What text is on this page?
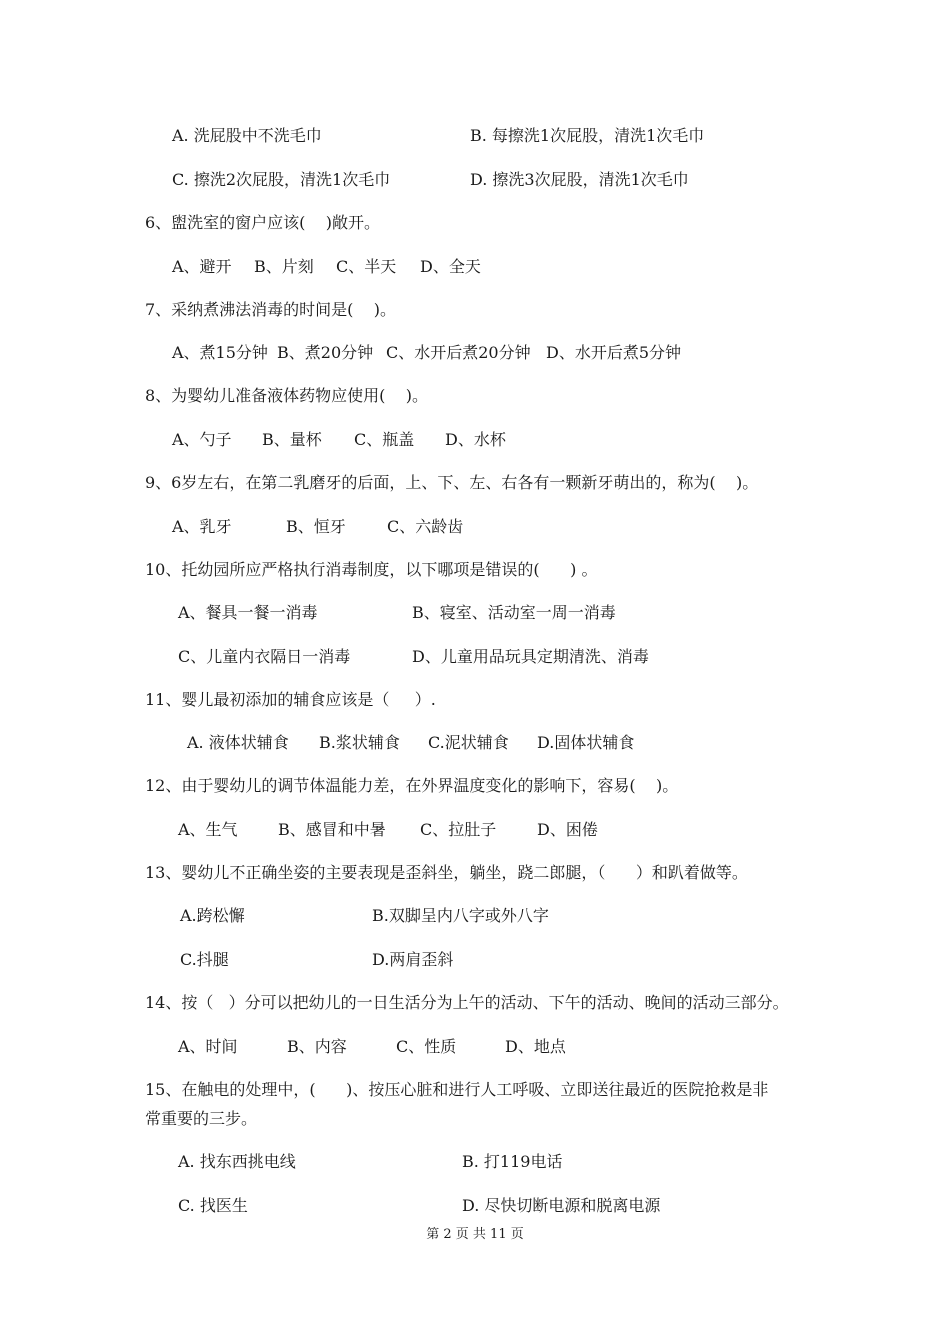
A. 洗屁股中不洗毛巾	B. 每擦洗1次屁股，清洗1次毛巾
C. 擦洗2次屁股，清洗1次毛巾	D. 擦洗3次屁股，清洗1次毛巾
6、盥洗室的窗户应该(    )敞开。
A、避开 B、片刻 C、半天 D、全天
7、采纳煮沸法消毒的时间是(    )。
A、煮15分钟 B、煮20分钟 C、水开后煮20分钟 D、水开后煮5分钟
8、为婴幼儿准备液体药物应使用(    )。
A、勺子 B、量杯 C、瓶盖 D、水杯
9、6岁左右，在第二乳磨牙的后面，上、下、左、右各有一颗新牙萌出的，称为(    )。
A、乳牙	B、恒牙	C、六龄齿
10、托幼园所应严格执行消毒制度，以下哪项是错误的(      ) 。
A、餐具一餐一消毒	B、寝室、活动室一周一消毒
C、儿童内衣隔日一消毒	D、儿童用品玩具定期清洗、消毒
11、婴儿最初添加的辅食应该是（     ）.
A. 液体状辅食 B.浆状辅食 C.泥状辅食 D.固体状辅食
12、由于婴幼儿的调节体温能力差，在外界温度变化的影响下，容易(    )。
A、生气	B、感冒和中暑 C、拉肚子	D、困倦
13、婴幼儿不正确坐姿的主要表现是歪斜坐，躺坐，跷二郎腿，（      ）和趴着做等。
A.跨松懈	B.双脚呈内八字或外八字
C.抖腿	D.两肩歪斜
14、按（   ）分可以把幼儿的一日生活分为上午的活动、下午的活动、晚间的活动三部分。
A、时间	B、内容	C、性质	D、地点
15、在触电的处理中，(      )、按压心脏和进行人工呼吸、立即送往最近的医院抢救是非
常重要的三步。
A. 找东西挑电线	B. 打119电话
C. 找医生	D. 尽快切断电源和脱离电源
第 2 页 共 11 页
